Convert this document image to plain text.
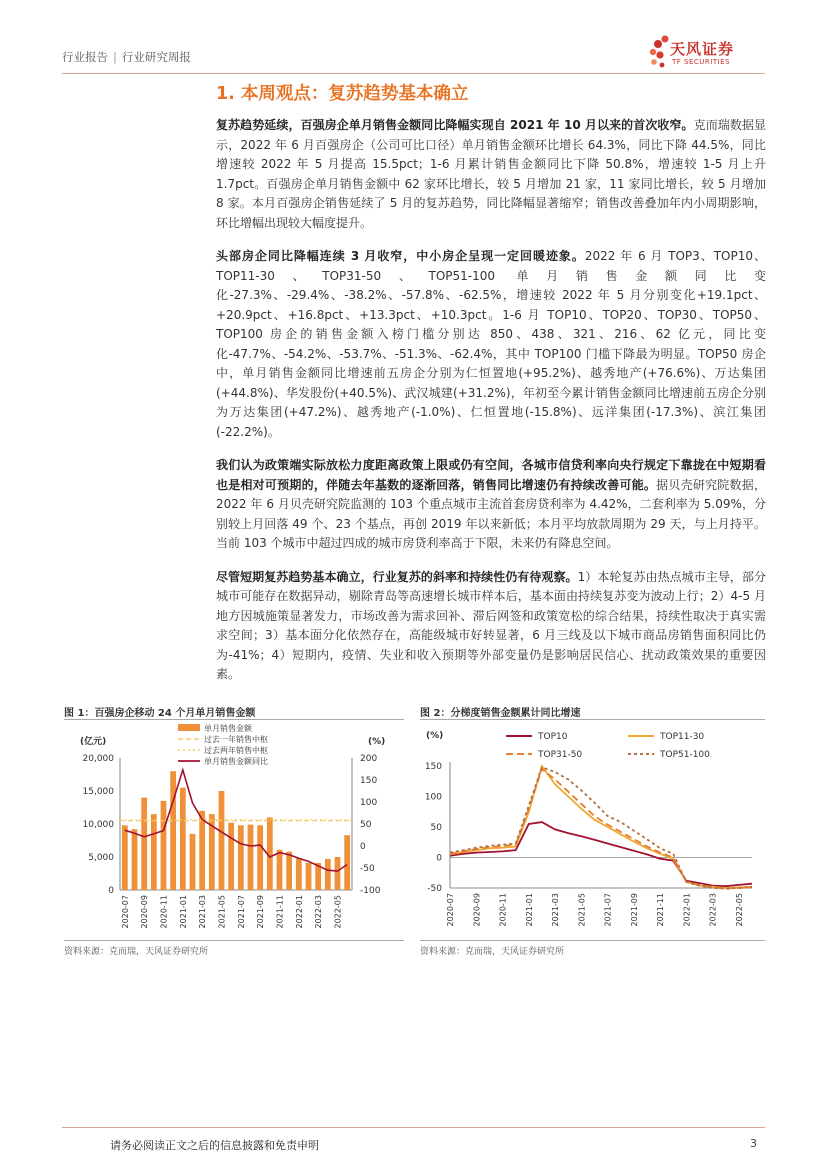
行业报告 | 行业研究周报	天风证券
TF SECURITIES
1. 本周观点：复苏趋势基本确立

复苏趋势延续，百强房企单月销售金额同比降幅实现自 2021 年 10 月以来的首次收窄。克而瑞数据显示，2022 年 6 月百强房企（公司可比口径）单月销售金额环比增长 64.3%，同比下降 44.5%，同比增速较 2022 年 5 月提高 15.5pct；1-6 月累计销售金额同比下降 50.8%，增速较 1-5 月上升 1.7pct。百强房企单月销售金额中 62 家环比增长，较 5 月增加 21 家，11 家同比增长，较 5 月增加 8 家。本月百强房企销售延续了 5 月的复苏趋势，同比降幅显著缩窄；销售改善叠加年内小周期影响，环比增幅出现较大幅度提升。

头部房企同比降幅连续 3 月收窄，中小房企呈现一定回暖迹象。2022 年 6 月 TOP3、TOP10、TOP11-30、TOP31-50、TOP51-100 单月销售金额同比变化-27.3%、-29.4%、-38.2%、-57.8%、-62.5%，增速较 2022 年 5 月分别变化+19.1pct、+20.9pct、+16.8pct、+13.3pct、+10.3pct。1-6 月 TOP10、TOP20、TOP30、TOP50、TOP100 房企的销售金额入榜门槛分别达 850、438、321、216、62 亿元，同比变化-47.7%、-54.2%、-53.7%、-51.3%、-62.4%，其中 TOP100 门槛下降最为明显。TOP50 房企中，单月销售金额同比增速前五房企分别为仁恒置地(+95.2%)、越秀地产(+76.6%)、万达集团(+44.8%)、华发股份(+40.5%)、武汉城建(+31.2%)，年初至今累计销售金额同比增速前五房企分别为万达集团(+47.2%)、越秀地产(-1.0%)、仁恒置地(-15.8%)、远洋集团(-17.3%)、滨江集团(-22.2%)。

我们认为政策端实际放松力度距离政策上限或仍有空间，各城市信贷利率向央行规定下靠拢在中短期看也是相对可预期的，伴随去年基数的逐渐回落，销售同比增速仍有持续改善可能。据贝壳研究院数据，2022 年 6 月贝壳研究院监测的 103 个重点城市主流首套房贷利率为 4.42%，二套利率为 5.09%，分别较上月回落 49 个、23 个基点，再创 2019 年以来新低；本月平均放款周期为 29 天，与上月持平。当前 103 个城市中超过四成的城市房贷利率高于下限，未来仍有降息空间。

尽管短期复苏趋势基本确立，行业复苏的斜率和持续性仍有待观察。1）本轮复苏由热点城市主导，部分城市可能存在数据异动，剔除青岛等高速增长城市样本后，基本面由持续复苏变为波动上行；2）4-5 月地方因城施策显著发力，市场改善为需求回补、滞后网签和政策宽松的综合结果，持续性取决于真实需求空间；3）基本面分化依然存在，高能级城市好转显著，6 月三线及以下城市商品房销售面积同比仍为-41%；4）短期内，疫情、失业和收入预期等外部变量仍是影响居民信心、扰动政策效果的重要因素。

图 1：百强房企移动 24 个月单月销售金额
(亿元)	(%)
20,000
15,000
10,000
5,000
0
200
150
100
50
0
-50
-100
2020-07 2020-09 2020-11 2021-01 2021-03 2021-05 2021-07 2021-09 2021-11 2022-01 2022-03 2022-05
单月销售金额
过去一年销售中枢
过去两年销售中枢
单月销售金额同比
资料来源：克而瑞，天风证券研究所
图 2：分梯度销售金额累计同比增速
(%)
150
100
50
0
-50
2020-07 2020-09 2020-11 2021-01 2021-03 2021-05 2021-07 2021-09 2021-11 2022-01 2022-03 2022-05
TOP10	TOP11-30
TOP31-50	TOP51-100
资料来源：克而瑞，天风证券研究所
请务必阅读正文之后的信息披露和免责申明	3
